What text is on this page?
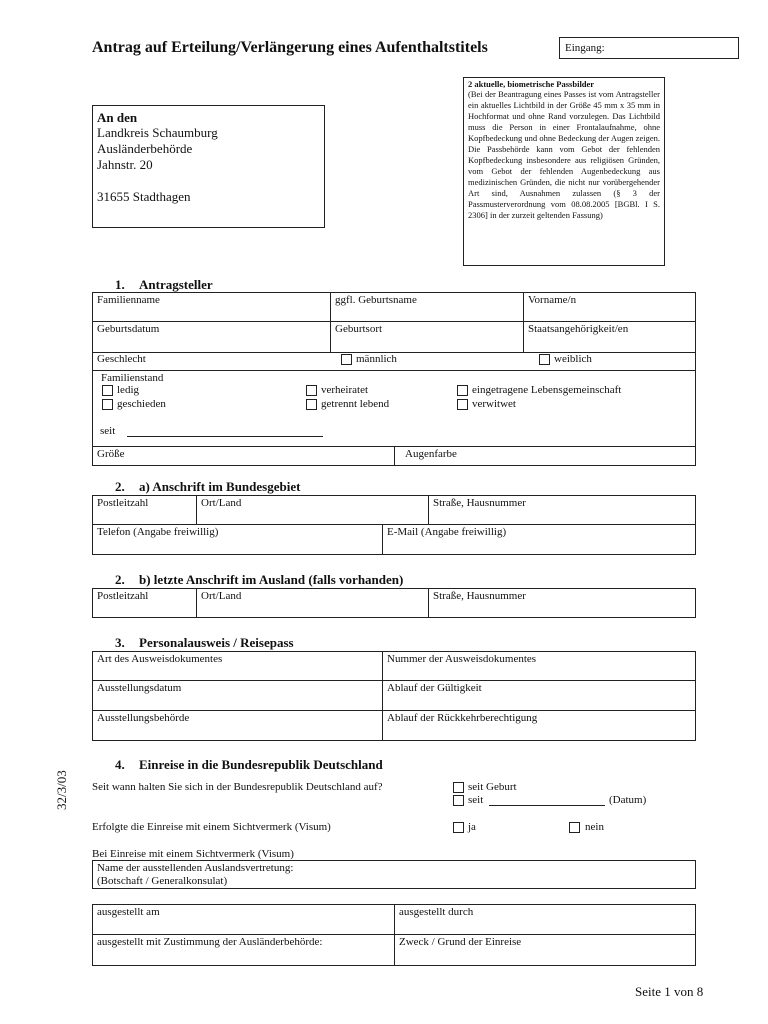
Antrag auf Erteilung/Verlängerung eines Aufenthaltstitels	Eingang:
An den
Landkreis Schaumburg
Ausländerbehörde
Jahnstr. 20
31655 Stadthagen
2 aktuelle, biometrische Passbilder
(Bei der Beantragung eines Passes ist vom Antragsteller ein aktuelles Lichtbild in der Größe 45 mm x 35 mm in Hochformat und ohne Rand vorzulegen. Das Lichtbild muss die Person in einer Frontalaufnahme, ohne Kopfbedeckung und ohne Bedeckung der Augen zeigen. Die Passbehörde kann vom Gebot der fehlenden Kopfbedeckung insbesondere aus religiösen Gründen, vom Gebot der fehlenden Augenbedeckung aus medizinischen Gründen, die nicht nur vorübergehender Art sind, Ausnahmen zulassen (§ 3 der Passmusterverordnung vom 08.08.2005 [BGBl. I S. 2306] in der zurzeit geltenden Fassung)
1. Antragsteller
Familienname	ggfl. Geburtsname	Vorname/n
Geburtsdatum	Geburtsort	Staatsangehörigkeit/en
Geschlecht	männlich	weiblich
Familienstand
ledig	verheiratet	eingetragene Lebensgemeinschaft
geschieden	getrennt lebend	verwitwet
seit
Größe	Augenfarbe
2. a) Anschrift im Bundesgebiet
Postleitzahl	Ort/Land	Straße, Hausnummer
Telefon (Angabe freiwillig)	E-Mail (Angabe freiwillig)
2. b) letzte Anschrift im Ausland (falls vorhanden)
Postleitzahl	Ort/Land	Straße, Hausnummer
3. Personalausweis / Reisepass
Art des Ausweisdokumentes	Nummer der Ausweisdokumentes
Ausstellungsdatum	Ablauf der Gültigkeit
Ausstellungsbehörde	Ablauf der Rückkehrberechtigung
4. Einreise in die Bundesrepublik Deutschland
Seit wann halten Sie sich in der Bundesrepublik Deutschland auf?	seit Geburt
seit	(Datum)
Erfolgte die Einreise mit einem Sichtvermerk (Visum)	ja	nein
Bei Einreise mit einem Sichtvermerk (Visum)
Name der ausstellenden Auslandsvertretung:
(Botschaft / Generalkonsulat)
ausgestellt am	ausgestellt durch
ausgestellt mit Zustimmung der Ausländerbehörde:	Zweck / Grund der Einreise
32/3/03
Seite 1 von 8
